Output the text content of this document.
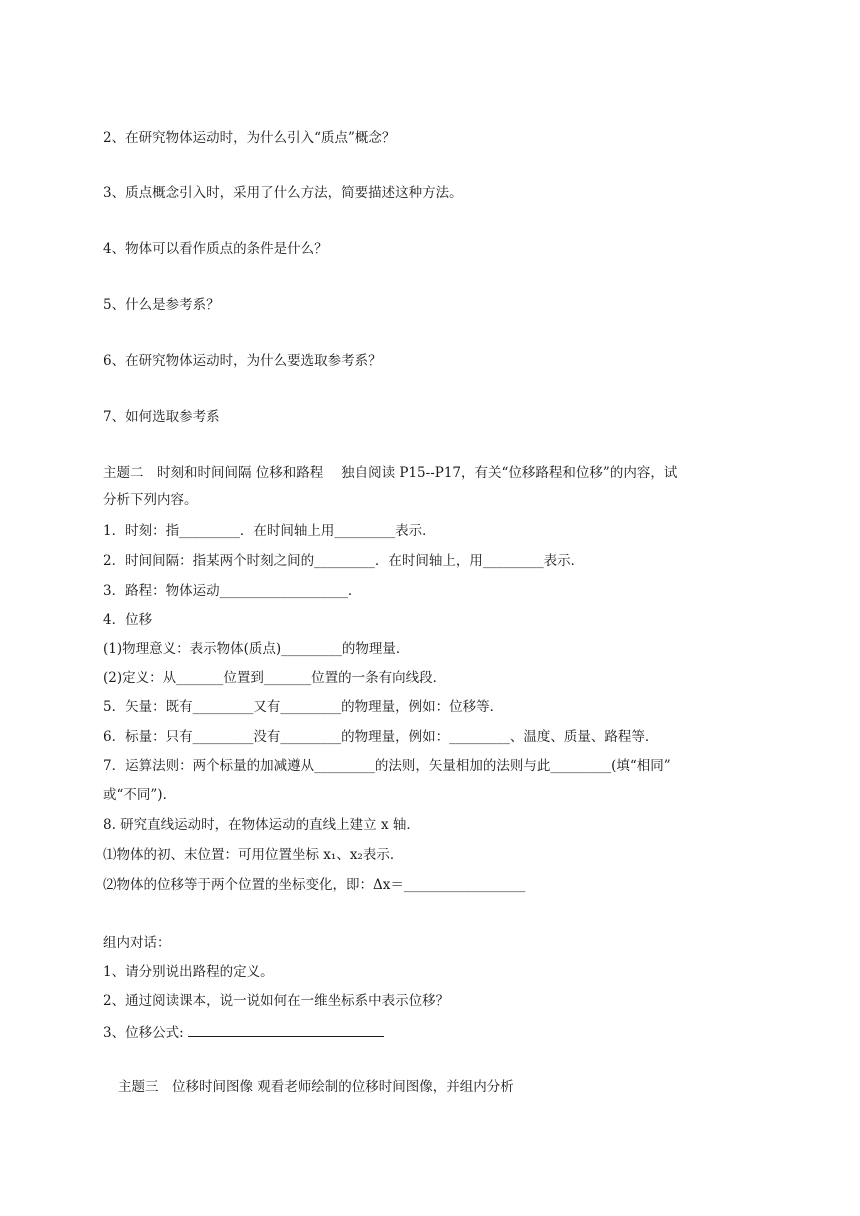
2、在研究物体运动时，为什么引入“质点”概念？
3、质点概念引入时，采用了什么方法，简要描述这种方法。
4、物体可以看作质点的条件是什么？
5、什么是参考系？
6、在研究物体运动时，为什么要选取参考系？
7、如何选取参考系
主题二　时刻和时间间隔 位移和路程　 独自阅读 P15--P17，有关“位移路程和位移”的内容，试
分析下列内容。
1．时刻：指_________．在时间轴上用_________表示．
2．时间间隔：指某两个时刻之间的_________．在时间轴上，用_________表示．
3．路程：物体运动___________________．
4．位移
(1)物理意义：表示物体(质点)_________的物理量．
(2)定义：从_______位置到_______位置的一条有向线段．
5．矢量：既有_________又有_________的物理量，例如：位移等．
6．标量：只有_________没有_________的物理量，例如：_________、温度、质量、路程等．
7．运算法则：两个标量的加减遵从_________的法则，矢量相加的法则与此_________(填“相同”
或“不同”)．
8. 研究直线运动时，在物体运动的直线上建立 x 轴．
⑴物体的初、末位置：可用位置坐标 x₁、x₂表示．
⑵物体的位移等于两个位置的坐标变化，即：Δx＝__________________
组内对话：
1、请分别说出路程的定义。
2、通过阅读课本，说一说如何在一维坐标系中表示位移？
3、位移公式:
主题三　位移时间图像 观看老师绘制的位移时间图像，并组内分析
